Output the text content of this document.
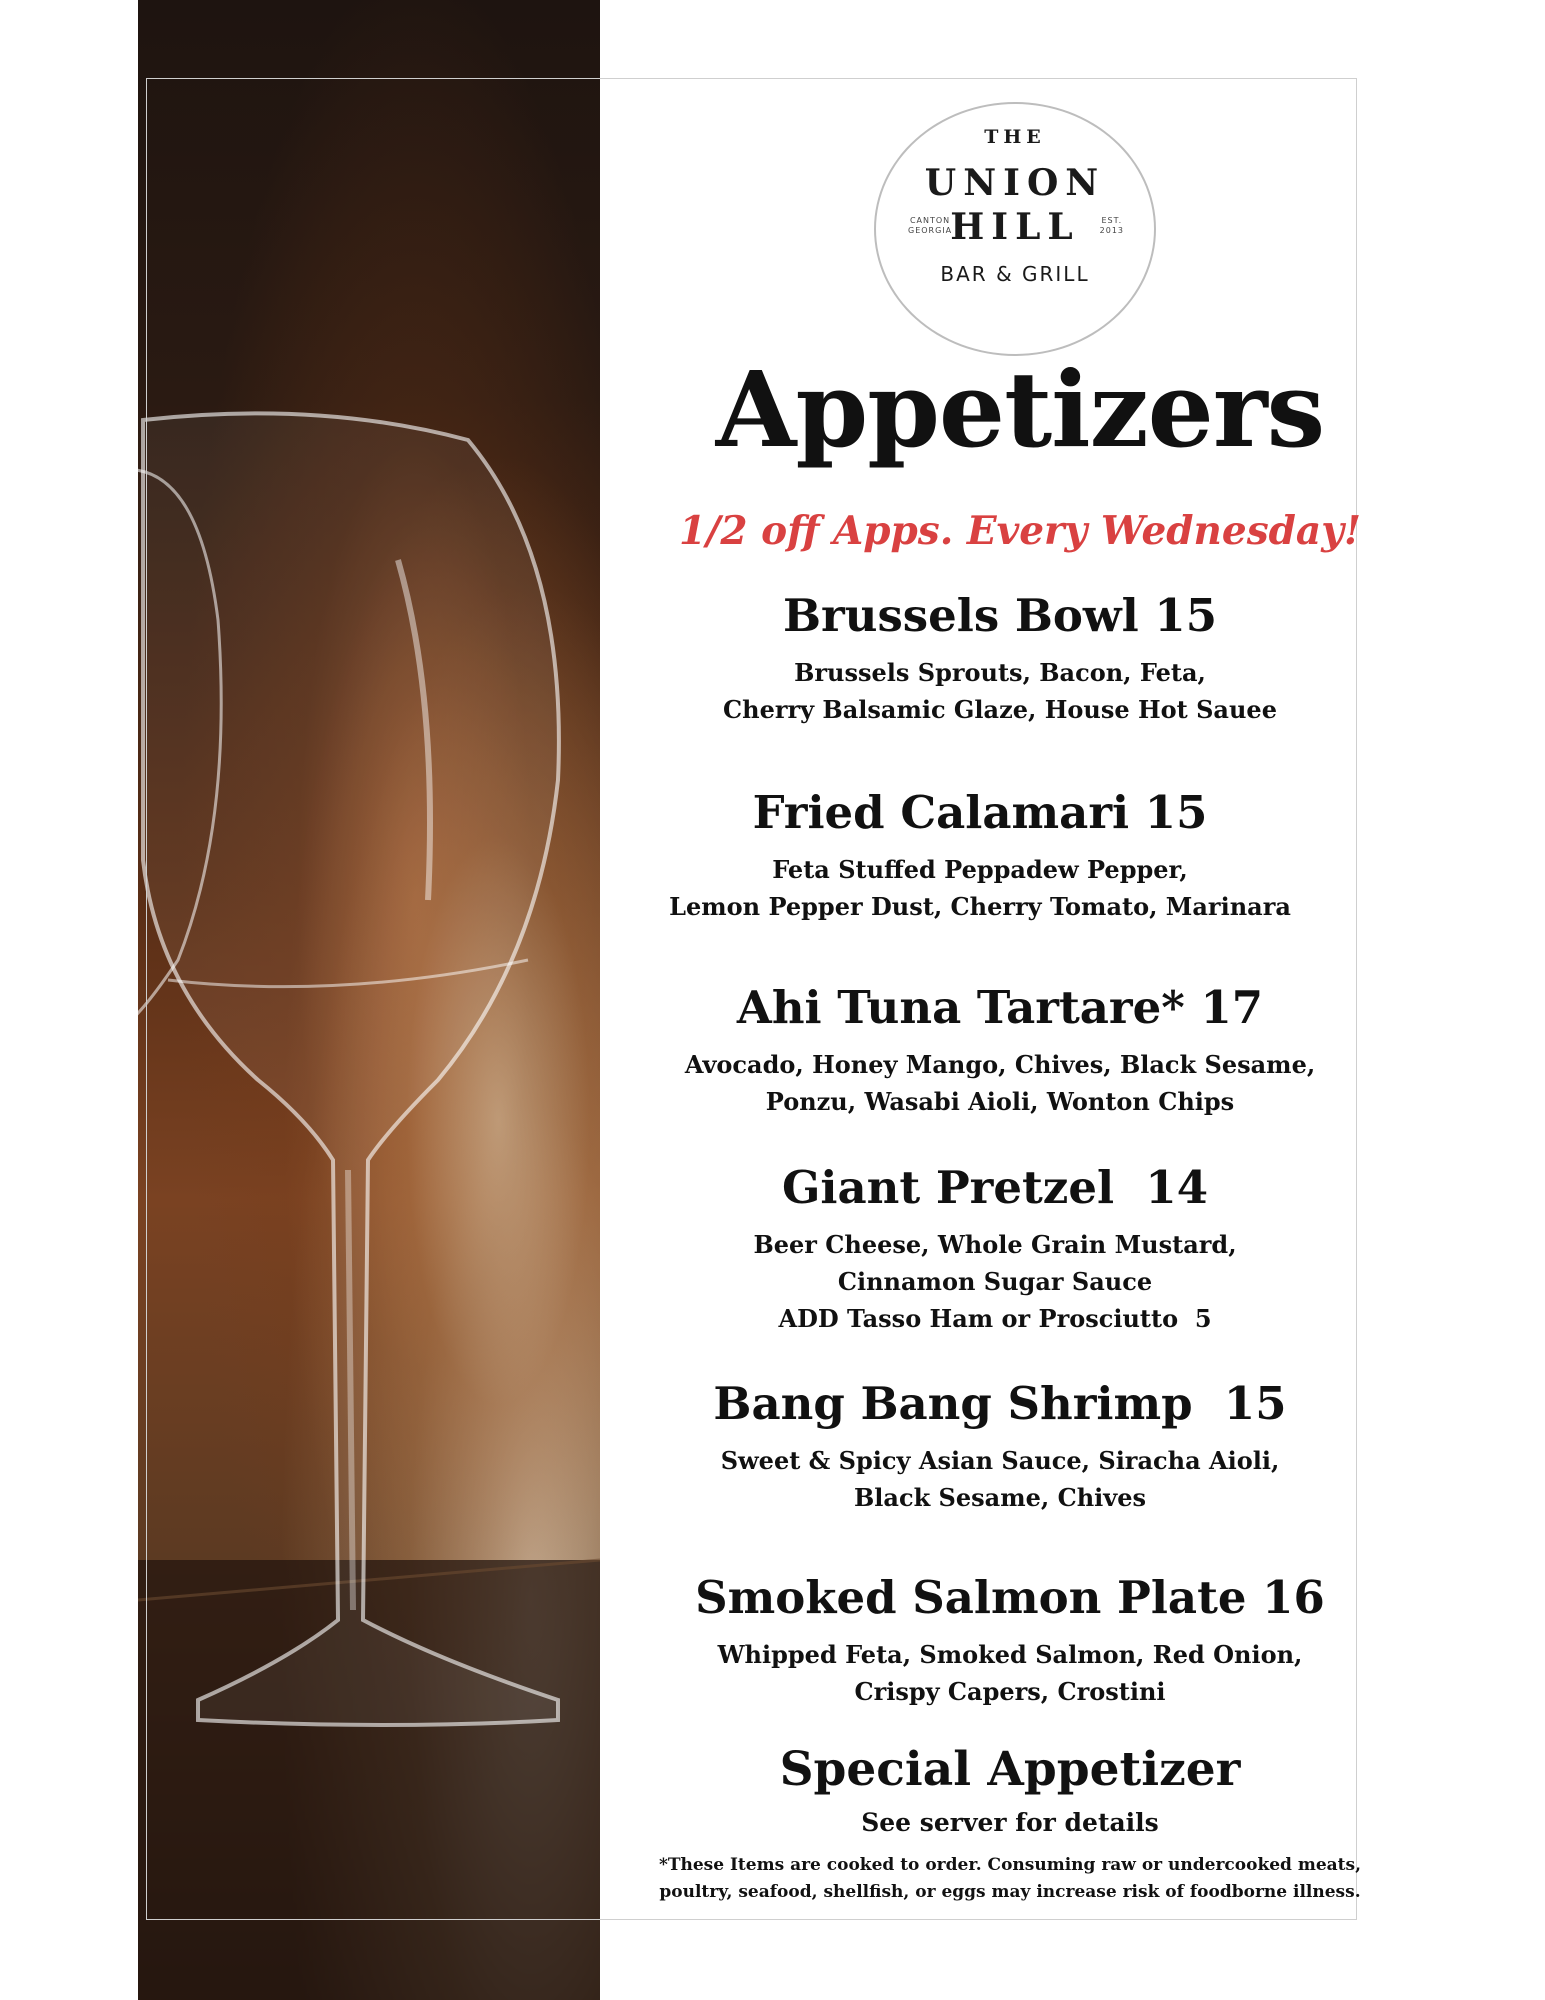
THE
UNION
CANTON
GEORGIA
HILL	EST.
2013
BAR & GRILL
Appetizers
1/2 off Apps. Every Wednesday!
Brussels Bowl 15
Brussels Sprouts, Bacon, Feta,
Cherry Balsamic Glaze, House Hot Sauee
Fried Calamari 15
Feta Stuffed Peppadew Pepper,
Lemon Pepper Dust, Cherry Tomato, Marinara
Ahi Tuna Tartare* 17
Avocado, Honey Mango, Chives, Black Sesame,
Ponzu, Wasabi Aioli, Wonton Chips
Giant Pretzel  14
Beer Cheese, Whole Grain Mustard,
Cinnamon Sugar Sauce
ADD Tasso Ham or Prosciutto  5
Bang Bang Shrimp  15
Sweet & Spicy Asian Sauce, Siracha Aioli,
Black Sesame, Chives
Smoked Salmon Plate 16
Whipped Feta, Smoked Salmon, Red Onion,
Crispy Capers, Crostini
Special Appetizer
See server for details
*These Items are cooked to order. Consuming raw or undercooked meats,
poultry, seafood, shellfish, or eggs may increase risk of foodborne illness.
